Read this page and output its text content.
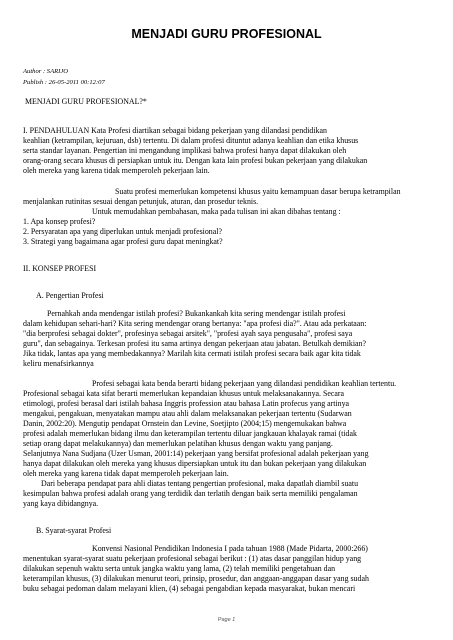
MENJADI GURU PROFESIONAL
Author : SARIJO
Publish : 26-05-2011 00:12:07
MENJADI GURU PROFESIONAL?*
I. PENDAHULUAN Kata Profesi diartikan sebagai bidang pekerjaan yang dilandasi pendidikan
keahlian (ketrampilan, kejuruan, dsb) tertentu. Di dalam profesi dituntut adanya keahlian dan etika khusus
serta standar layanan. Pengertian ini mengandung implikasi bahwa profesi hanya dapat dilakukan oleh
orang-orang secara khusus di persiapkan untuk itu. Dengan kata lain profesi bukan pekerjaan yang dilakukan
oleh mereka yang karena tidak memperoleh pekerjaan lain.
Suatu profesi memerlukan kompetensi khusus yaitu kemampuan dasar berupa ketrampilan
menjalankan rutinitas sesuai dengan petunjuk, aturan, dan prosedur teknis.
Untuk memudahkan pembahasan, maka pada tulisan ini akan dibahas tentang :
1. Apa konsep profesi?
2. Persyaratan apa yang diperlukan untuk menjadi profesional?
3. Strategi yang bagaimana agar profesi guru dapat meningkat?
II. KONSEP PROFESI
A. Pengertian Profesi
Pernahkah anda mendengar istilah profesi? Bukankankah kita sering mendengar istilah profesi
dalam kehidupan sehari-hari? Kita sering mendengar orang bertanya: "apa profesi dia?". Atau ada perkataan:
"dia berprofesi sebagai dokter", profesinya sebagai arsitek", "profesi ayah saya pengusaha", profesi saya
guru", dan sebagainya. Terkesan profesi itu sama artinya dengan pekerjaan atau jabatan. Betulkah demikian?
Jika tidak, lantas apa yang membedakannya? Marilah kita cermati istilah profesi secara baik agar kita tidak
keliru menafsirkannya
Profesi sebagai kata benda berarti bidang pekerjaan yang dilandasi pendidikan keahlian tertentu.
Profesional sebagai kata sifat berarti memerlukan kepandaian khusus untuk melaksanakannya. Secara
etimologi, profesi berasal dari istilah bahasa Inggris profession atau bahasa Latin profecus yang artinya
mengakui, pengakuan, menyatakan mampu atau ahli dalam melaksanakan pekerjaan tertentu (Sudarwan
Danin, 2002:20). Mengutip pendapat Ornstein dan Levine, Soetjipto (2004;15) mengemukakan bahwa
profesi adalah memerlukan bidang ilmu dan keterampilan tertentu diluar jangkauan khalayak ramai (tidak
setiap orang dapat melakukannya) dan memerlukan pelatihan khusus dengan waktu yang panjang.
Selanjutnya Nana Sudjana (Uzer Usman, 2001:14) pekerjaan yang bersifat profesional adalah pekerjaan yang
hanya dapat dilakukan oleh mereka yang khusus dipersiapkan untuk itu dan bukan pekerjaan yang dilakukan
oleh mereka yang karena tidak dapat memperoleh pekerjaan lain.
Dari beberapa pendapat para ahli diatas tentang pengertian profesional, maka dapatlah diambil suatu
kesimpulan bahwa profesi adalah orang yang terdidik dan terlatih dengan baik serta memiliki pengalaman
yang kaya dibidangnya.
B. Syarat-syarat Profesi
Konvensi Nasional Pendidikan Indonesia I pada tahuan 1988 (Made Pidarta, 2000:266)
menentukan syarat-syarat suatu pekerjaan profesional sebagai berikut : (1) atas dasar panggilan hidup yang
dilakukan sepenuh waktu serta untuk jangka waktu yang lama, (2) telah memiliki pengetahuan dan
keterampilan khusus, (3) dilakukan menurut teori, prinsip, prosedur, dan anggaan-anggapan dasar yang sudah
buku sebagai pedoman dalam melayani klien, (4) sebagai pengabdian kepada masyarakat, bukan mencari
Page 1
